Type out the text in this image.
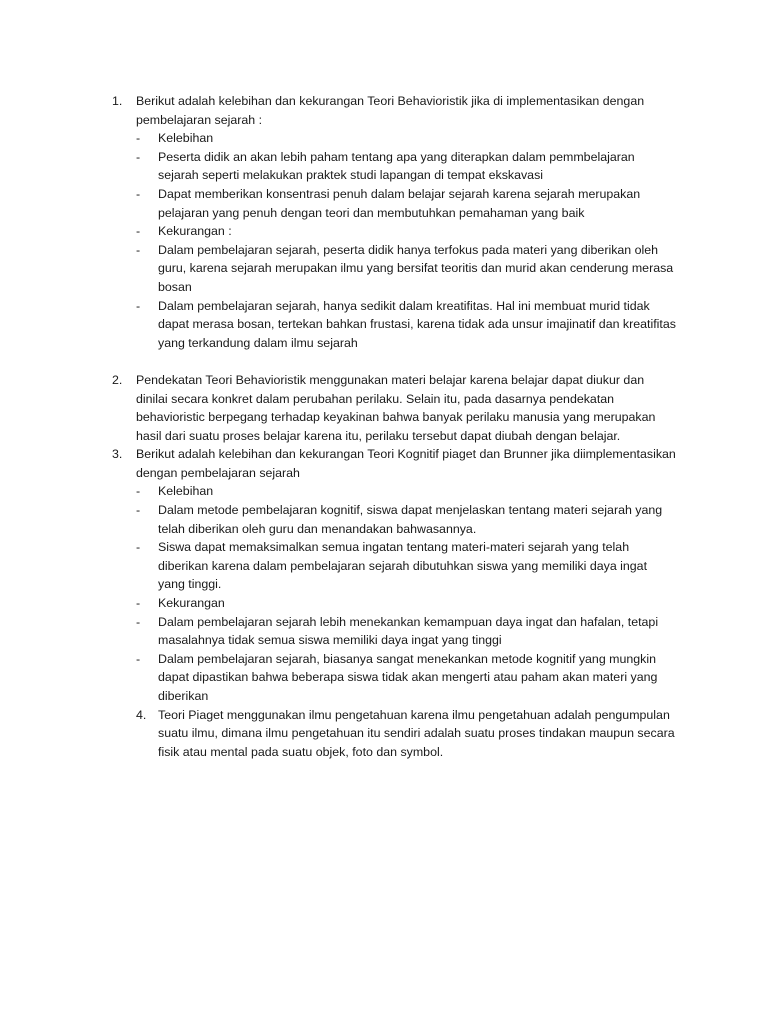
1. Berikut adalah kelebihan dan kekurangan Teori Behavioristik jika di implementasikan dengan pembelajaran sejarah :
- Kelebihan
- Peserta didik an akan lebih paham tentang apa yang diterapkan dalam pemmbelajaran sejarah seperti melakukan praktek studi lapangan di tempat ekskavasi
- Dapat memberikan konsentrasi penuh dalam belajar sejarah karena sejarah merupakan pelajaran yang penuh dengan teori dan membutuhkan pemahaman yang baik
- Kekurangan :
- Dalam pembelajaran sejarah, peserta didik hanya terfokus pada materi yang diberikan oleh guru, karena sejarah merupakan ilmu yang bersifat teoritis dan murid akan cenderung merasa bosan
- Dalam pembelajaran sejarah, hanya sedikit dalam kreatifitas. Hal ini membuat murid tidak dapat merasa bosan, tertekan bahkan frustasi, karena tidak ada unsur imajinatif dan kreatifitas yang terkandung dalam ilmu sejarah
2. Pendekatan Teori Behavioristik menggunakan materi belajar karena belajar dapat diukur dan dinilai secara konkret dalam perubahan perilaku. Selain itu, pada dasarnya pendekatan behavioristic berpegang terhadap keyakinan bahwa banyak perilaku manusia yang merupakan hasil dari suatu proses belajar karena itu, perilaku tersebut dapat diubah dengan belajar.
3. Berikut adalah kelebihan dan kekurangan Teori Kognitif piaget dan Brunner jika diimplementasikan dengan pembelajaran sejarah
- Kelebihan
- Dalam metode pembelajaran kognitif, siswa dapat menjelaskan tentang materi sejarah yang telah diberikan oleh guru dan menandakan bahwasannya.
- Siswa dapat memaksimalkan semua ingatan tentang materi-materi sejarah yang telah diberikan karena dalam pembelajaran sejarah dibutuhkan siswa yang memiliki daya ingat yang tinggi.
- Kekurangan
- Dalam pembelajaran sejarah lebih menekankan kemampuan daya ingat dan hafalan, tetapi masalahnya tidak semua siswa memiliki daya ingat yang tinggi
- Dalam pembelajaran sejarah, biasanya sangat menekankan metode kognitif yang mungkin dapat dipastikan bahwa beberapa siswa tidak akan mengerti atau paham akan materi yang diberikan
4. Teori Piaget menggunakan ilmu pengetahuan karena ilmu pengetahuan adalah pengumpulan suatu ilmu, dimana ilmu pengetahuan itu sendiri adalah suatu proses tindakan maupun secara fisik atau mental pada suatu objek, foto dan symbol.
